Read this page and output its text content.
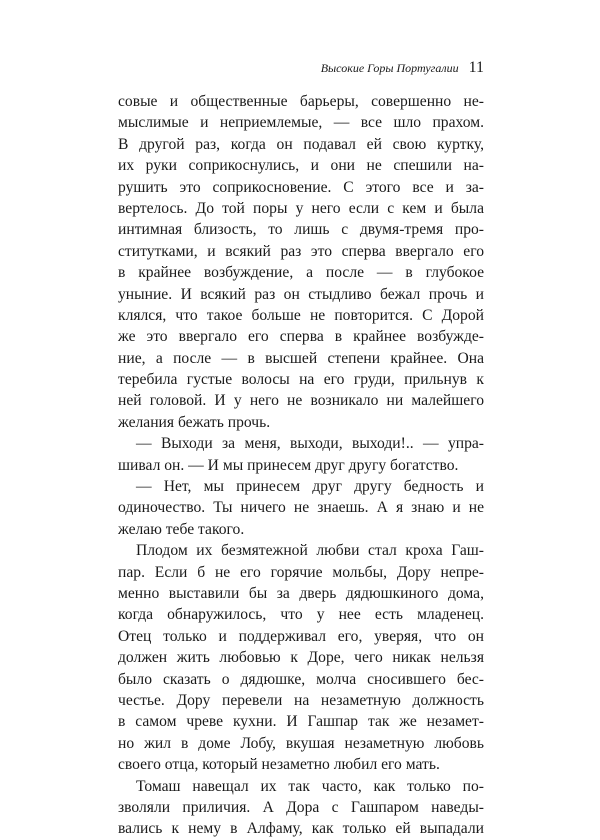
Высокие Горы Португалии 11
совые и общественные барьеры, совершенно не-
мыслимые и неприемлемые, — все шло прахом.
В другой раз, когда он подавал ей свою куртку,
их руки соприкоснулись, и они не спешили на-
рушить это соприкосновение. С этого все и за-
вертелось. До той поры у него если с кем и была
интимная близость, то лишь с двумя-тремя про-
ститутками, и всякий раз это сперва ввергало его
в крайнее возбуждение, а после — в глубокое
уныние. И всякий раз он стыдливо бежал прочь и
клялся, что такое больше не повторится. С Дорой
же это ввергало его сперва в крайнее возбужде-
ние, а после — в высшей степени крайнее. Она
теребила густые волосы на его груди, прильнув к
ней головой. И у него не возникало ни малейшего
желания бежать прочь.
— Выходи за меня, выходи, выходи!.. — упра-
шивал он. — И мы принесем друг другу богатство.
— Нет, мы принесем друг другу бедность и
одиночество. Ты ничего не знаешь. А я знаю и не
желаю тебе такого.
Плодом их безмятежной любви стал кроха Гаш-
пар. Если б не его горячие мольбы, Дору непре-
менно выставили бы за дверь дядюшкиного дома,
когда обнаружилось, что у нее есть младенец.
Отец только и поддерживал его, уверяя, что он
должен жить любовью к Доре, чего никак нельзя
было сказать о дядюшке, молча сносившего бес-
честье. Дору перевели на незаметную должность
в самом чреве кухни. И Гашпар так же незамет-
но жил в доме Лобу, вкушая незаметную любовь
своего отца, который незаметно любил его мать.
Томаш навещал их так часто, как только по-
зволяли приличия. А Дора с Гашпаром наведы-
вались к нему в Алфаму, как только ей выпадали
